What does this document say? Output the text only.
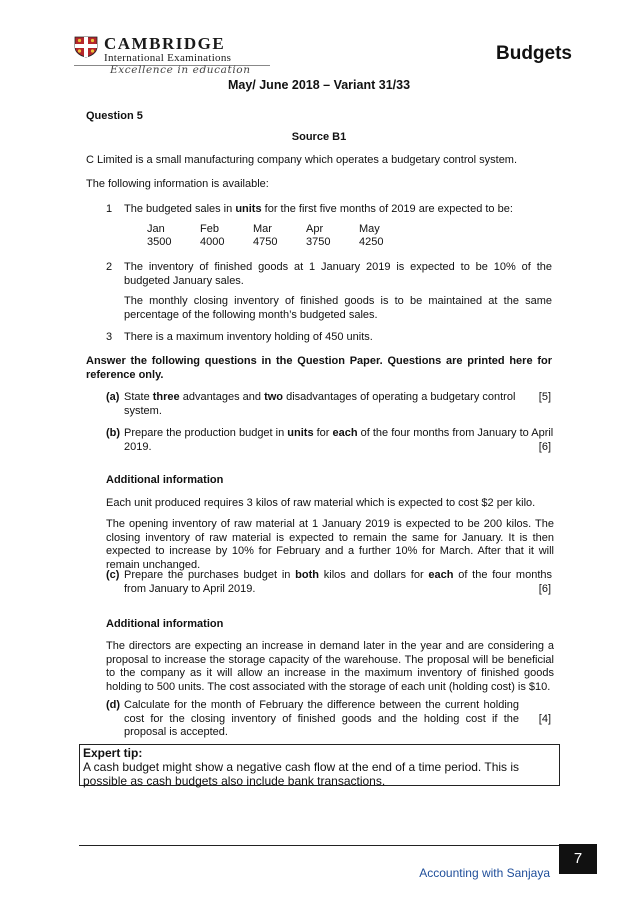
CAMBRIDGE
International Examinations
Excellence in education
Budgets
May/ June 2018 – Variant 31/33
Question 5
Source B1
C Limited is a small manufacturing company which operates a budgetary control system.
The following information is available:
1 The budgeted sales in units for the first five months of 2019 are expected to be:
Jan	Feb	Mar	Apr	May
3500	4000	4750	3750	4250
2 The inventory of finished goods at 1 January 2019 is expected to be 10% of the budgeted January sales.
The monthly closing inventory of finished goods is to be maintained at the same percentage of the following month’s budgeted sales.
3 There is a maximum inventory holding of 450 units.
Answer the following questions in the Question Paper. Questions are printed here for reference only.
(a) State three advantages and two disadvantages of operating a budgetary control system.
[5]
(b) Prepare the production budget in units for each of the four months from January to April 2019.	[6]
Additional information
Each unit produced requires 3 kilos of raw material which is expected to cost $2 per kilo.
The opening inventory of raw material at 1 January 2019 is expected to be 200 kilos. The closing inventory of raw material is expected to remain the same for January. It is then expected to increase by 10% for February and a further 10% for March. After that it will remain unchanged.
(c) Prepare the purchases budget in both kilos and dollars for each of the four months from January to April 2019.	[6]
Additional information
The directors are expecting an increase in demand later in the year and are considering a proposal to increase the storage capacity of the warehouse. The proposal will be beneficial to the company as it will allow an increase in the maximum inventory of finished goods holding to 500 units. The cost associated with the storage of each unit (holding cost) is $10.
(d) Calculate for the month of February the difference between the current holding cost for the closing inventory of finished goods and the holding cost if the proposal is accepted.
[4]
Expert tip:
A cash budget might show a negative cash flow at the end of a time period. This is possible as cash budgets also include bank transactions.
Accounting with Sanjaya
7
